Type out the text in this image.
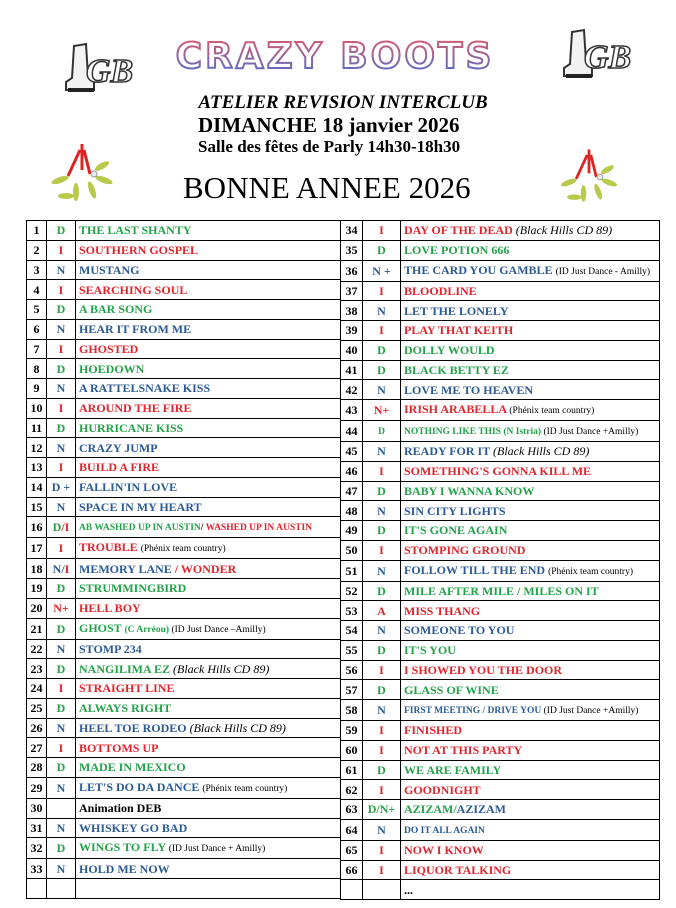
GB	GB
CRAZY BOOTS
ATELIER REVISION INTERCLUB
DIMANCHE 18 janvier 2026
Salle des fêtes de Parly 14h30-18h30
BONNE ANNEE 2026
1	D	THE LAST SHANTY
2	I	SOUTHERN GOSPEL
3	N	MUSTANG
4	I	SEARCHING SOUL
5	D	A BAR SONG
6	N	HEAR IT FROM ME
7	I	GHOSTED
8	D	HOEDOWN
9	N	A RATTELSNAKE KISS
10	I	AROUND THE FIRE
11	D	HURRICANE KISS
12	N	CRAZY JUMP
13	I	BUILD A FIRE
14	D +	FALLIN'IN LOVE
15	N	SPACE IN MY HEART
16	D/I	AB WASHED UP IN AUSTIN/ WASHED UP IN AUSTIN
17	I	TROUBLE (Phénix team country)
18	N/I	MEMORY LANE / WONDER
19	D	STRUMMINGBIRD
20	N+	HELL BOY
21	D	GHOST (C Arréou) (ID Just Dance –Amilly)
22	N	STOMP 234
23	D	NANGILIMA EZ (Black Hills CD 89)
24	I	STRAIGHT LINE
25	D	ALWAYS RIGHT
26	N	HEEL TOE RODEO (Black Hills CD 89)
27	I	BOTTOMS UP
28	D	MADE IN MEXICO
29	N	LET'S DO DA DANCE (Phénix team country)
30		Animation DEB
31	N	WHISKEY GO BAD
32	D	WINGS TO FLY (ID Just Dance + Amilly)
33	N	HOLD ME NOW

34	I	DAY OF THE DEAD (Black Hills CD 89)
35	D	LOVE POTION 666
36	N +	THE CARD YOU GAMBLE (ID Just Dance - Amilly)
37	I	BLOODLINE
38	N	LET THE LONELY
39	I	PLAY THAT KEITH
40	D	DOLLY WOULD
41	D	BLACK BETTY EZ
42	N	LOVE ME TO HEAVEN
43	N+	IRISH ARABELLA (Phénix team country)
44	D	NOTHING LIKE THIS (N Istria) (ID Just Dance +Amilly)
45	N	READY FOR IT (Black Hills CD 89)
46	I	SOMETHING'S GONNA KILL ME
47	D	BABY I WANNA KNOW
48	N	SIN CITY LIGHTS
49	D	IT'S GONE AGAIN
50	I	STOMPING GROUND
51	N	FOLLOW TILL THE END (Phénix team country)
52	D	MILE AFTER MILE / MILES ON IT
53	A	MISS THANG
54	N	SOMEONE TO YOU
55	D	IT'S YOU
56	I	I SHOWED YOU THE DOOR
57	D	GLASS OF WINE
58	N	FIRST MEETING / DRIVE YOU (ID Just Dance +Amilly)
59	I	FINISHED
60	I	NOT AT THIS PARTY
61	D	WE ARE FAMILY
62	I	GOODNIGHT
63	D/N+	AZIZAM/AZIZAM
64	N	DO IT ALL AGAIN
65	I	NOW I KNOW
66	I	LIQUOR TALKING
		...
